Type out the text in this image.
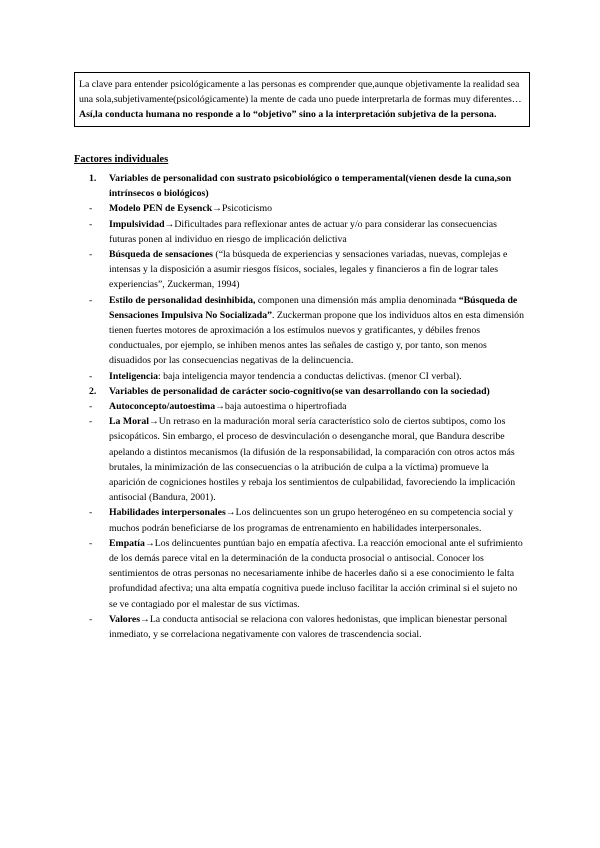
La clave para entender psicológicamente a las personas es comprender que,aunque objetivamente la realidad sea una sola,subjetivamente(psicológicamente) la mente de cada uno puede interpretarla de formas muy diferentes… Así,la conducta humana no responde a lo “objetivo” sino a la interpretación subjetiva de la persona.
Factores individuales
1.	Variables de personalidad con sustrato psicobiológico o temperamental(vienen desde la cuna,son intrínsecos o biológicos)
-	Modelo PEN de Eysenck→Psicoticismo
-	Impulsividad→Dificultades para reflexionar antes de actuar y/o para considerar las consecuencias futuras ponen al individuo en riesgo de implicación delictiva
-	Búsqueda de sensaciones (“la búsqueda de experiencias y sensaciones variadas, nuevas, complejas e intensas y la disposición a asumir riesgos físicos, sociales, legales y financieros a fin de lograr tales experiencias”, Zuckerman, 1994)
-	Estilo de personalidad desinhibida, componen una dimensión más amplia denominada “Búsqueda de Sensaciones Impulsiva No Socializada”. Zuckerman propone que los individuos altos en esta dimensión tienen fuertes motores de aproximación a los estímulos nuevos y gratificantes, y débiles frenos conductuales, por ejemplo, se inhiben menos antes las señales de castigo y, por tanto, son menos disuadidos por las consecuencias negativas de la delincuencia.
-	Inteligencia: baja inteligencia mayor tendencia a conductas delictivas. (menor CI verbal).
2.	Variables de personalidad de carácter socio-cognitivo(se van desarrollando con la sociedad)
-	Autoconcepto/autoestima→baja autoestima o hipertrofiada
-	La Moral→Un retraso en la maduración moral sería característico solo de ciertos subtipos, como los psicopáticos. Sin embargo, el proceso de desvinculación o desenganche moral, que Bandura describe apelando a distintos mecanismos (la difusión de la responsabilidad, la comparación con otros actos más brutales, la minimización de las consecuencias o la atribución de culpa a la víctima) promueve la aparición de cogniciones hostiles y rebaja los sentimientos de culpabilidad, favoreciendo la implicación antisocial (Bandura, 2001).
-	Habilidades interpersonales→Los delincuentes son un grupo heterogéneo en su competencia social y muchos podrán beneficiarse de los programas de entrenamiento en habilidades interpersonales.
-	Empatía→Los delincuentes puntúan bajo en empatía afectiva. La reacción emocional ante el sufrimiento de los demás parece vital en la determinación de la conducta prosocial o antisocial. Conocer los sentimientos de otras personas no necesariamente inhibe de hacerles daño si a ese conocimiento le falta profundidad afectiva; una alta empatía cognitiva puede incluso facilitar la acción criminal si el sujeto no se ve contagiado por el malestar de sus víctimas.
-	Valores→La conducta antisocial se relaciona con valores hedonistas, que implican bienestar personal inmediato, y se correlaciona negativamente con valores de trascendencia social.
